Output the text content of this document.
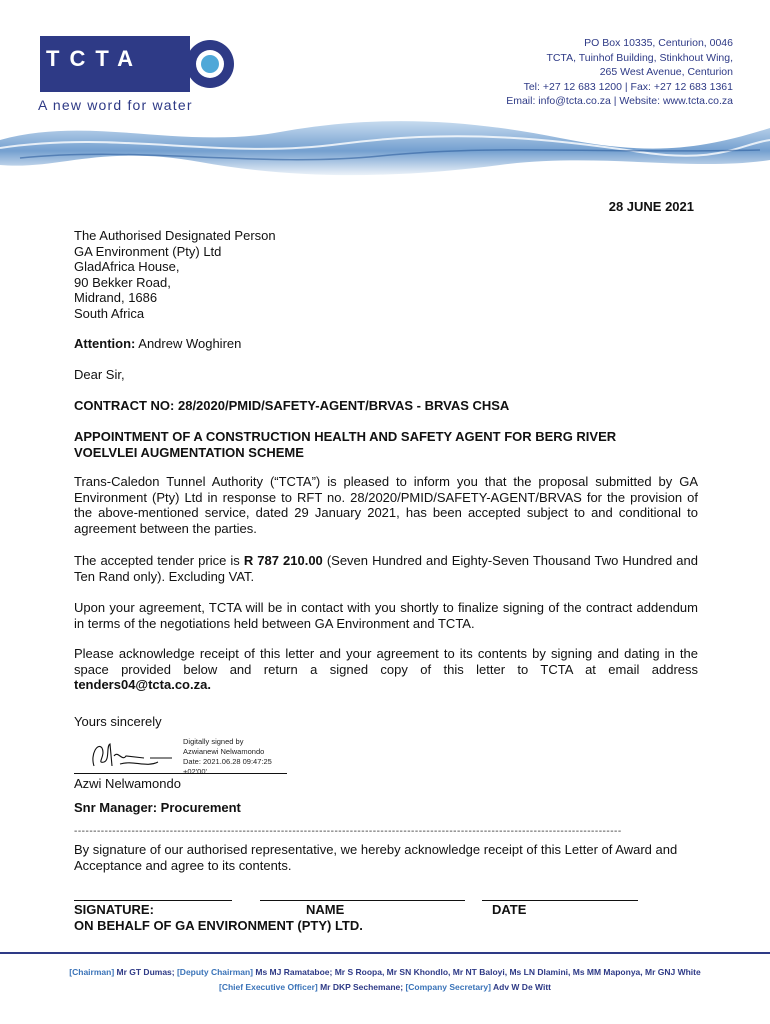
TCTA
A new word for water
PO Box 10335, Centurion, 0046
TCTA, Tuinhof Building, Stinkhout Wing,
265 West Avenue, Centurion
Tel: +27 12 683 1200 | Fax: +27 12 683 1361
Email: info@tcta.co.za | Website: www.tcta.co.za
28 JUNE 2021
The Authorised Designated Person
GA Environment (Pty) Ltd
GladAfrica House,
90 Bekker Road,
Midrand, 1686
South Africa
Attention: Andrew Woghiren
Dear Sir,
CONTRACT NO: 28/2020/PMID/SAFETY-AGENT/BRVAS - BRVAS CHSA
APPOINTMENT OF A CONSTRUCTION HEALTH AND SAFETY AGENT FOR BERG RIVER VOELVLEI AUGMENTATION SCHEME
Trans-Caledon Tunnel Authority (“TCTA”) is pleased to inform you that the proposal submitted by GA Environment (Pty) Ltd in response to RFT no. 28/2020/PMID/SAFETY-AGENT/BRVAS for the provision of the above-mentioned service, dated 29 January 2021, has been accepted subject to and conditional to agreement between the parties.
The accepted tender price is R 787 210.00 (Seven Hundred and Eighty-Seven Thousand Two Hundred and Ten Rand only). Excluding VAT.
Upon your agreement, TCTA will be in contact with you shortly to finalize signing of the contract addendum in terms of the negotiations held between GA Environment and TCTA.
Please acknowledge receipt of this letter and your agreement to its contents by signing and dating in the space provided below and return a signed copy of this letter to TCTA at email address tenders04@tcta.co.za.
Yours sincerely
Digitally signed by
Azwianewi Nelwamondo
Date: 2021.06.28 09:47:25
+02'00'
Azwi Nelwamondo
Snr Manager: Procurement
-----------------------------------------------------------------------------------------------------------------------------------------------
By signature of our authorised representative, we hereby acknowledge receipt of this Letter of Award and Acceptance and agree to its contents.
SIGNATURE:	NAME	DATE
ON BEHALF OF GA ENVIRONMENT (PTY) LTD.
[Chairman] Mr GT Dumas; [Deputy Chairman] Ms MJ Ramataboe; Mr S Roopa, Mr SN Khondlo, Mr NT Baloyi, Ms LN Dlamini, Ms MM Maponya, Mr GNJ White
[Chief Executive Officer] Mr DKP Sechemane; [Company Secretary] Adv W De Witt
